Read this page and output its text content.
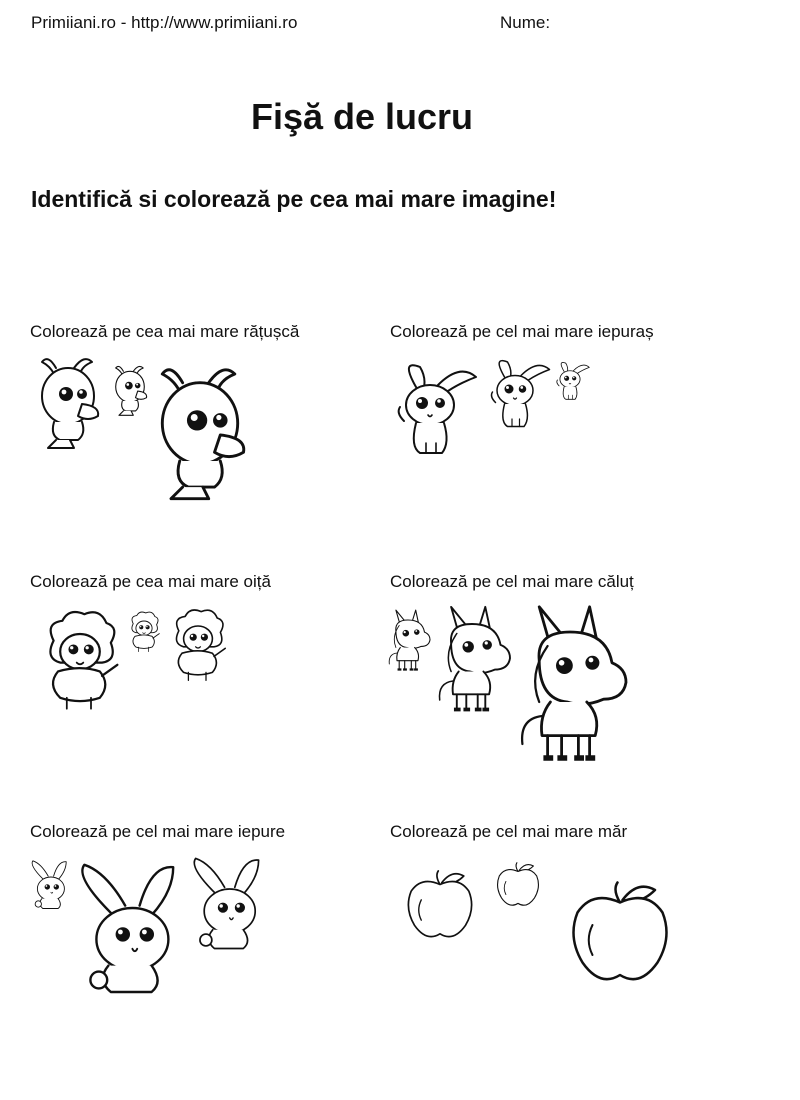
Primiiani.ro - http://www.primiiani.ro	Nume:
Fişă de lucru
Identifică si colorează pe cea mai mare imagine!
Colorează pe cea mai mare rățușcă	Colorează pe cel mai mare iepuraș
Colorează pe cea mai mare oiță	Colorează pe cel mai mare căluț
Colorează pe cel mai mare iepure	Colorează pe cel mai mare măr
